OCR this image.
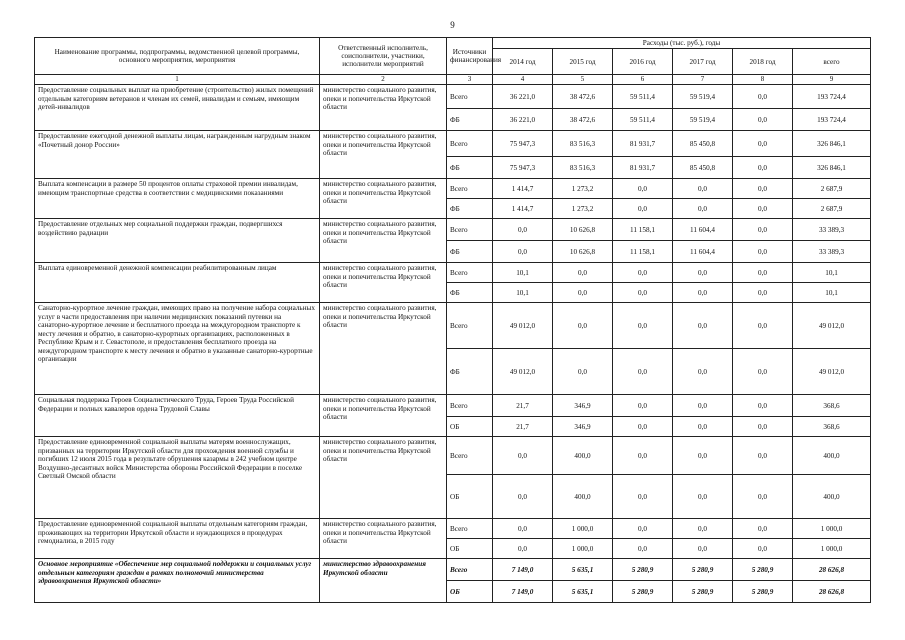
9
Наименование программы, подпрограммы, ведомственной целевой программы, основного мероприятия, мероприятия	Ответственный исполнитель, соисполнители, участники, исполнители мероприятий	Источники финансирования	Расходы (тыс. руб.), годы					
			2014 год	2015 год	2016 год	2017 год	2018 год	всего
1	2	3	4	5	6	7	8	9
Предоставление социальных выплат на приобретение (строительство) жилых помещений отдельным категориям ветеранов и членам их семей, инвалидам и семьям, имеющим детей-инвалидов	министерство социального развития, опеки и попечительства Иркутской области	Всего	36 221,0	38 472,6	59 511,4	59 519,4	0,0	193 724,4
		ФБ	36 221,0	38 472,6	59 511,4	59 519,4	0,0	193 724,4
Предоставление ежегодной денежной выплаты лицам, награжденным нагрудным знаком «Почетный донор России»	министерство социального развития, опеки и попечительства Иркутской области	Всего	75 947,3	83 516,3	81 931,7	85 450,8	0,0	326 846,1
		ФБ	75 947,3	83 516,3	81 931,7	85 450,8	0,0	326 846,1
Выплата компенсации в размере 50 процентов оплаты страховой премии инвалидам, имеющим транспортные средства в соответствии с медицинскими показаниями	министерство социального развития, опеки и попечительства Иркутской области	Всего	1 414,7	1 273,2	0,0	0,0	0,0	2 687,9
		ФБ	1 414,7	1 273,2	0,0	0,0	0,0	2 687,9
Предоставление отдельных мер социальной поддержки граждан, подвергшихся воздействию радиации	министерство социального развития, опеки и попечительства Иркутской области	Всего	0,0	10 626,8	11 158,1	11 604,4	0,0	33 389,3
		ФБ	0,0	10 626,8	11 158,1	11 604,4	0,0	33 389,3
Выплата единовременной денежной компенсации реабилитированным лицам	министерство социального развития, опеки и попечительства Иркутской области	Всего	10,1	0,0	0,0	0,0	0,0	10,1
		ФБ	10,1	0,0	0,0	0,0	0,0	10,1
Санаторно-курортное лечение граждан, имеющих право на получение набора социальных услуг в части предоставления при наличии медицинских показаний путевки на санаторно-курортное лечение и бесплатного проезда на междугородном транспорте к месту лечения и обратно, в санаторно-курортных организациях, расположенных в Республике Крым и г. Севастополе, и предоставления бесплатного проезда на междугородном транспорте к месту лечения и обратно в указанные санаторно-курортные организации	министерство социального развития, опеки и попечительства Иркутской области	Всего	49 012,0	0,0	0,0	0,0	0,0	49 012,0
		ФБ	49 012,0	0,0	0,0	0,0	0,0	49 012,0
Социальная поддержка Героев Социалистического Труда, Героев Труда Российской Федерации и полных кавалеров ордена Трудовой Славы	министерство социального развития, опеки и попечительства Иркутской области	Всего	21,7	346,9	0,0	0,0	0,0	368,6
		ОБ	21,7	346,9	0,0	0,0	0,0	368,6
Предоставление единовременной социальной выплаты матерям военнослужащих, призванных на территории Иркутской области для прохождения военной службы и погибших 12 июля 2015 года в результате обрушения казармы в 242 учебном центре Воздушно-десантных войск Министерства обороны Российской Федерации в поселке Светлый Омской области	министерство социального развития, опеки и попечительства Иркутской области	Всего	0,0	400,0	0,0	0,0	0,0	400,0
		ОБ	0,0	400,0	0,0	0,0	0,0	400,0
Предоставление единовременной социальной выплаты отдельным категориям граждан, проживающих на территории Иркутской области и нуждающихся в процедурах гемодиализа, в 2015 году	министерство социального развития, опеки и попечительства Иркутской области	Всего	0,0	1 000,0	0,0	0,0	0,0	1 000,0
		ОБ	0,0	1 000,0	0,0	0,0	0,0	1 000,0
Основное мероприятие «Обеспечение мер социальной поддержки и социальных услуг отдельным категориям граждан в рамках полномочий министерства здравоохранения Иркутской области»	министерство здравоохранения Иркутской области	Всего	7 149,0	5 635,1	5 280,9	5 280,9	5 280,9	28 626,8
		ОБ	7 149,0	5 635,1	5 280,9	5 280,9	5 280,9	28 626,8
